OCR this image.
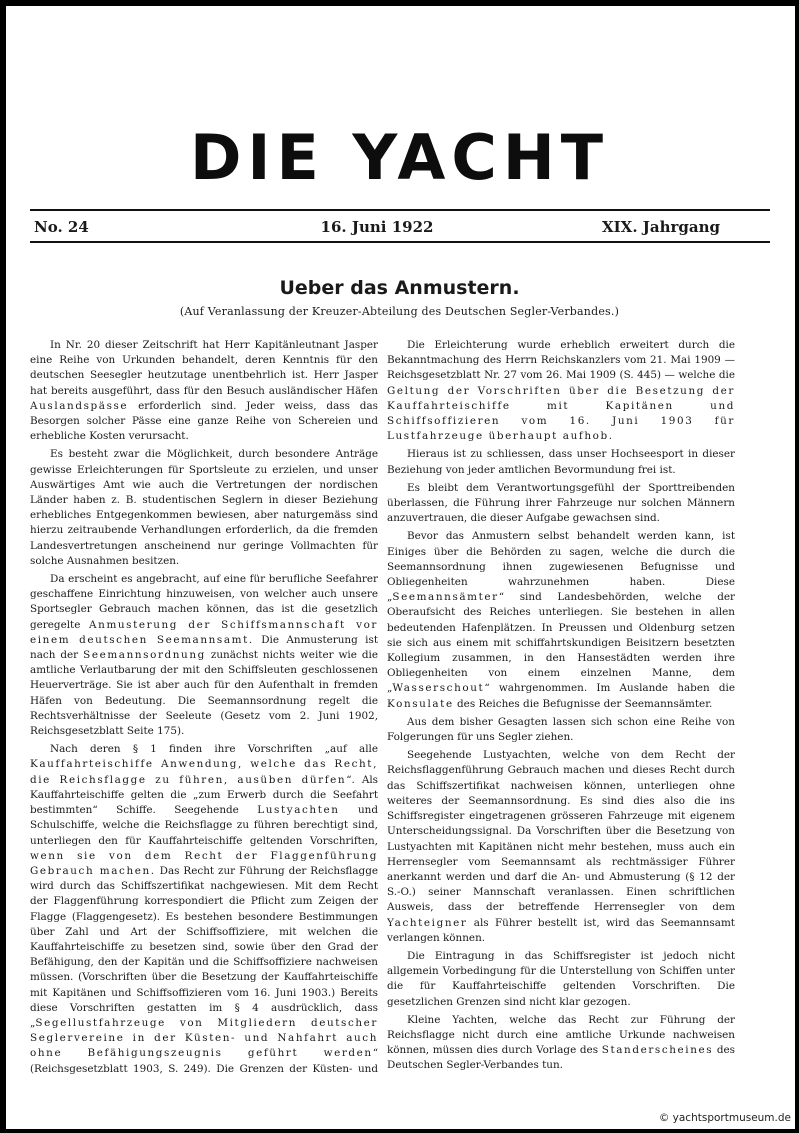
DIE YACHT
No. 24	16. Juni 1922	XIX. Jahrgang
Ueber das Anmustern.
(Auf Veranlassung der Kreuzer-Abteilung des Deutschen Segler-Verbandes.)

In Nr. 20 dieser Zeitschrift hat Herr Kapitänleutnant Jasper eine Reihe von Urkunden behandelt, deren Kenntnis für den deutschen Seesegler heutzutage unentbehrlich ist. Herr Jasper hat bereits ausgeführt, dass für den Besuch ausländischer Häfen Auslandspässe erforderlich sind. Jeder weiss, dass das Besorgen solcher Pässe eine ganze Reihe von Schereien und erhebliche Kosten verursacht.

Es besteht zwar die Möglichkeit, durch besondere Anträge gewisse Erleichterungen für Sportsleute zu erzielen, und unser Auswärtiges Amt wie auch die Vertretungen der nordischen Länder haben z. B. studentischen Seglern in dieser Beziehung erhebliches Entgegenkommen bewiesen, aber naturgemäss sind hierzu zeitraubende Verhandlungen erforderlich, da die fremden Landesvertretungen anscheinend nur geringe Vollmachten für solche Ausnahmen besitzen.

Da erscheint es angebracht, auf eine für berufliche Seefahrer geschaffene Einrichtung hinzuweisen, von welcher auch unsere Sportsegler Gebrauch machen können, das ist die gesetzlich geregelte Anmusterung der Schiffsmannschaft vor einem deutschen Seemannsamt. Die Anmusterung ist nach der Seemannsordnung zunächst nichts weiter wie die amtliche Verlautbarung der mit den Schiffsleuten geschlossenen Heuerverträge. Sie ist aber auch für den Aufenthalt in fremden Häfen von Bedeutung. Die Seemannsordnung regelt die Rechtsverhältnisse der Seeleute (Gesetz vom 2. Juni 1902, Reichsgesetzblatt Seite 175).

Nach deren § 1 finden ihre Vorschriften „auf alle Kauffahrteischiffe Anwendung, welche das Recht, die Reichsflagge zu führen, ausüben dürfen“. Als Kauffahrteischiffe gelten die „zum Erwerb durch die Seefahrt bestimmten“ Schiffe. Seegehende Lustyachten und Schulschiffe, welche die Reichsflagge zu führen berechtigt sind, unterliegen den für Kauffahrteischiffe geltenden Vorschriften, wenn sie von dem Recht der Flaggenführung Gebrauch machen. Das Recht zur Führung der Reichsflagge wird durch das Schiffszertifikat nachgewiesen. Mit dem Recht der Flaggenführung korrespondiert die Pflicht zum Zeigen der Flagge (Flaggengesetz). Es bestehen besondere Bestimmungen über Zahl und Art der Schiffsoffiziere, mit welchen die Kauffahrteischiffe zu besetzen sind, sowie über den Grad der Befähigung, den der Kapitän und die Schiffsoffiziere nachweisen müssen. (Vorschriften über die Besetzung der Kauffahrteischiffe mit Kapitänen und Schiffsoffizieren vom 16. Juni 1903.) Bereits diese Vorschriften gestatten im § 4 ausdrücklich, dass „Segellustfahrzeuge von Mitgliedern deutscher Seglervereine in der Küsten- und Nahfahrt auch ohne Befähigungszeugnis geführt werden“ (Reichsgesetzblatt 1903, S. 249). Die Grenzen der Küsten- und

Die Erleichterung wurde erheblich erweitert durch die Bekanntmachung des Herrn Reichskanzlers vom 21. Mai 1909 — Reichsgesetzblatt Nr. 27 vom 26. Mai 1909 (S. 445) — welche die Geltung der Vorschriften über die Besetzung der Kauffahrteischiffe mit Kapitänen und Schiffsoffizieren vom 16. Juni 1903 für Lustfahrzeuge überhaupt aufhob.

Hieraus ist zu schliessen, dass unser Hochseesport in dieser Beziehung von jeder amtlichen Bevormundung frei ist.

Es bleibt dem Verantwortungsgefühl der Sporttreibenden überlassen, die Führung ihrer Fahrzeuge nur solchen Männern anzuvertrauen, die dieser Aufgabe gewachsen sind.

Bevor das Anmustern selbst behandelt werden kann, ist Einiges über die Behörden zu sagen, welche die durch die Seemannsordnung ihnen zugewiesenen Befugnisse und Obliegenheiten wahrzunehmen haben. Diese „Seemannsämter“ sind Landesbehörden, welche der Oberaufsicht des Reiches unterliegen. Sie bestehen in allen bedeutenden Hafenplätzen. In Preussen und Oldenburg setzen sie sich aus einem mit schiffahrtskundigen Beisitzern besetzten Kollegium zusammen, in den Hansestädten werden ihre Obliegenheiten von einem einzelnen Manne, dem „Wasserschout“ wahrgenommen. Im Auslande haben die Konsulate des Reiches die Befugnisse der Seemannsämter.

Aus dem bisher Gesagten lassen sich schon eine Reihe von Folgerungen für uns Segler ziehen.

Seegehende Lustyachten, welche von dem Recht der Reichsflaggenführung Gebrauch machen und dieses Recht durch das Schiffszertifikat nachweisen können, unterliegen ohne weiteres der Seemannsordnung. Es sind dies also die ins Schiffsregister eingetragenen grösseren Fahrzeuge mit eigenem Unterscheidungssignal. Da Vorschriften über die Besetzung von Lustyachten mit Kapitänen nicht mehr bestehen, muss auch ein Herrensegler vom Seemannsamt als rechtmässiger Führer anerkannt werden und darf die An- und Abmusterung (§ 12 der S.-O.) seiner Mannschaft veranlassen. Einen schriftlichen Ausweis, dass der betreffende Herrensegler von dem Yachteigner als Führer bestellt ist, wird das Seemannsamt verlangen können.

Die Eintragung in das Schiffsregister ist jedoch nicht allgemein Vorbedingung für die Unterstellung von Schiffen unter die für Kauffahrteischiffe geltenden Vorschriften. Die gesetzlichen Grenzen sind nicht klar gezogen.

Kleine Yachten, welche das Recht zur Führung der Reichsflagge nicht durch eine amtliche Urkunde nachweisen können, müssen dies durch Vorlage des Standerscheines des Deutschen Segler-Verbandes tun.

© yachtsportmuseum.de
